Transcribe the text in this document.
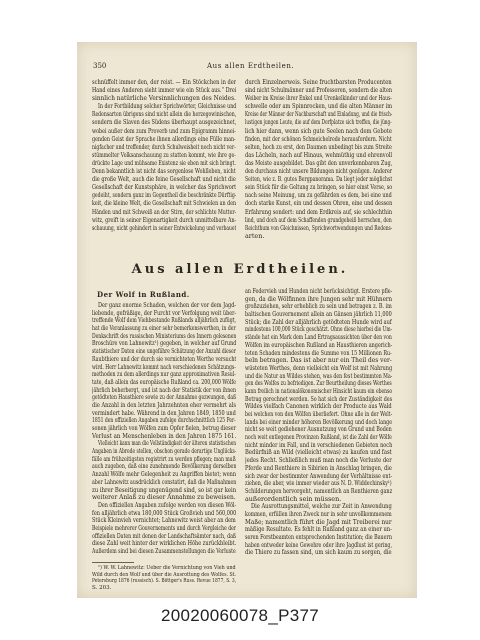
350	Aus allen Erdtheilen.
schnüffelt immer den, der reist. — Ein Stöckchen in der
Hand eines Anderen sieht immer wie ein Stück aus.“ Drei
sinnlich natürliche Versinnlichungen des Neides.
In der Fortbildung solcher Sprichwörter, Gleichnisse und
Redensarten übrigens sind nicht allein die herzegowinischen,
sondern die Slaven des Südens überhaupt ausgezeichnet,
wobei außer dem zum Proverb und zum Epigramm hinnei-
genden Geist der Sprache ihnen allerdings eine Fülle man-
nigfacher und treffender, durch Schulweisheit noch nicht ver-
stümmelter Volksanschauung zu statten kommt, wie ihre ge-
drückte Lage und mühsame Existenz sie eben mit sich bringt.
Denn bekanntlich ist nicht das sorgenlose Wohlleben, nicht
die große Welt, auch die feine Gesellschaft und nicht die
Gesellschaft der Kunstsphäre, in welcher das Sprichwort
gedeiht, sondern ganz im Gegentheil die beschränkte Dürftig-
keit, die kleine Welt, die Gesellschaft mit Schwielen an den
Händen und mit Schweiß an der Stirn, der schlichte Mutter-
witz, greift in seiner Eigenartigkeit durch unmittelbare An-
schauung, nicht gehindert in seiner Entwickelung und verbauet
durch Einzelnerweis. Seine fruchtbarsten Producenten
sind nicht Schulmänner und Professoren, sondern die alten
Weiber im Kreise ihrer Enkel und Urenkelkinder und der Haus-
schwelle oder am Spinnrocken, und die alten Männer im
Kreise der Männer der Nachbarschaft und Einladung, und die frisch-
lustigen jungen Leute, die auf dem Dorfplatze sich treffen, die jüng-
lich hier dann, wenn sich gute Seelen nach dem Gebote
finden, mit der schönen Schmeichelrede herausfordern. Nicht
selten, hoch zu erst, den Daumen unbedingt bis zum Streite
das Lächeln, nach auf Hinaus, wehmüthig und ehrenvoll
das Meiste ausgebildet. Das gibt den unverkennbaren Zug,
den durchaus nicht unsere Bildungen nicht genügen. Anderer
Seiten, wie z. B. gutes Bergpanorama. Da liegt jeder möglichst
sein Stück für die Geltung zu bringen, so hier einst Verse, so
nach seine Meinung, um zu gefährden es dem, bei eine und
doch starke Kunst, ein und dessen Ohren, eine und dessen
Erfahrung sondert: und dem Erdkreis auf, sie schlechthin
lind, und doch auf dem Schaffenden grundgeheiß herrschen, den
Reichthum von Gleichnissen, Sprichwortwendungen und Redens-
arten.
Aus allen Erdtheilen.
Der Wolf in Rußland.
Der ganz enorme Schaden, welchen der vor dem Jagd-
liebende, gefräßige, der Furcht vor Verfolgung weit über-
treffende Wolf dem Viehbestande Rußlands alljährlich zufügt,
hat die Veranlassung zu einer sehr bemerkenswerthen, in der
Denkschrift des russischen Ministeriums des Innern gelesenen
Broschüre von Lahnewitz¹) gegeben, in welcher auf Grund
statistischer Daten eine ungefähre Schätzung der Anzahl dieser
Raubthiere und der durch sie vernichteten Werthe versucht
wird. Herr Lahnewitz kommt nach verschiedenen Schätzungs-
methoden zu dem allerdings nur ganz approximativen Resul-
tate, daß allein das europäische Rußland ca. 200,000 Wölfe
jährlich beherbergt, und ist nach der Statistik der von ihnen
getödteten Hausthiere sowie zu der Annahme gezwungen, daß
die Anzahl in den letzten Jahrzehnten eher vermehrt als
vermindert habe. Während in den Jahren 1849, 1850 und
1851 den offiziellen Angaben zufolge durchschnittlich 125 Per-
sonen jährlich von Wölfen zum Opfer fielen, betrug dieser
Verlust an Menschenleben in den Jahren 1875 161.
Vielleicht kann man die Vollständigkeit der älteren statistischen
Angaben in Abrede stellen, obschon gerade derartige Unglücks-
fälle am frühzeitigsten registrirt zu werden pflegen; man muß
auch zugeben, daß eine zunehmende Bevölkerung derselben
Anzahl Wölfe mehr Gelegenheit zu Angriffen bietet; wenn
aber Lahnewitz ausdrücklich constatirt, daß die Maßnahmen
zu ihrer Beseitigung ungenügend sind, so ist gar kein
weiterer Anlaß zu dieser Annahme zu beweisen.
Den offiziellen Angaben zufolge werden von diesen Wöl-
fen alljährlich etwa 180,000 Stück Großvieh und 560,000
Stück Kleinvieh vernichtet; Lahnewitz weist aber an dem
Beispiele mehrerer Gouvernements und durch Vergleiche der
offiziellen Daten mit denen der Landschaftsämter nach, daß
diese Zahl weit hinter der wirklichen Höhe zurückbleibt.
Außerdem sind bei diesen Zusammenstellungen die Verluste
an Federvieh und Hunden nicht berücksichtigt. Erstere pfle-
gen, da die Wölfinnen ihre Jungen sehr mit Hühnern
großzuziehen, sehr erheblich zu sein und betragen z. B. im
baltischen Gouvernement allein an Gänsen jährlich 11,000
Stück; die Zahl der alljährlich getödteten Hunde wird auf
mindestens 100,000 Stück geschätzt. Ohne diese hierbei die Um-
stände hat ein Mark dem Land Ertragsaussichten über den von
Wölfen im europäischen Rußland an Hausthieren angerich-
teten Schaden mindestens die Summe von 15 Millionen Ru-
beln betragen. Das ist aber nur ein Theil des ver-
wüsteten Werthes, denn vielleicht ein Wolf ist mit Nahrung
und die Natur an Wildes stehen, was den fest bestimmten Ma-
gen des Wolfes zu befriedigen. Zur Beurtheilung dieses Werthes
kann freilich in nationalökonomischer Hinsicht kaum ein ebenso
Betrag gerechnet werden. So hat sich der Zuständigkeit des
Wildes vielfach Canonen wirklich der Producte aus Wald
bei welchen von den Wölfen überliefert. Ohne alle in der Welt-
lands bei einer minder höheren Bevölkerung und doch lange
nicht so weit gediehener Ausnutzung von Grund und Boden
noch weit entlegenen Provinzen Rußland, ist die Zahl der Wölfe
nicht minder im Fall, und in verschiedenen Gebieten noch
Bedürfniß an Wild (vielleicht etwas) zu kaufen und fast
jedes Recht. Schließlich muß man noch die Verluste der
Pferde und Renthiere in Sibirien in Anschlag bringen, die
sich zwar der bestimmter Anwendung der Verhältnisse ent-
ziehen, die aber, wie immer wieder aus N. D. Widdechinsky¹)
Schilderungen hervorgeht, namentlich an Renthieren ganz
außerordentlich sein müssen.
Die Ausrottungsmittel, welche zur Zeit in Anwendung
kommen, erfüllen ihren Zweck nur in sehr unvollkommenem
Maße; namentlich führt die Jagd mit Treiberei nur
mäßige Resultate. Es fehlt in Rußland ganz an einer un-
seren Forstbeamten entsprechenden Institution; die Bauern
haben entweder keine Gewehre oder ihre Jagdlust ist gering,
die Thiere zu fassen sind, um sich kaum zu sorgen, die
¹) W. W. Lahnewitz: Ueber die Vernichtung von Vieh und
Wild durch den Wolf und über die Ausrottung des Wolfes. St.
Petersburg 1876 (russisch). S. Böttger's Russ. Revue 1877, S. 3,
S. 203.
20020060078_P377
